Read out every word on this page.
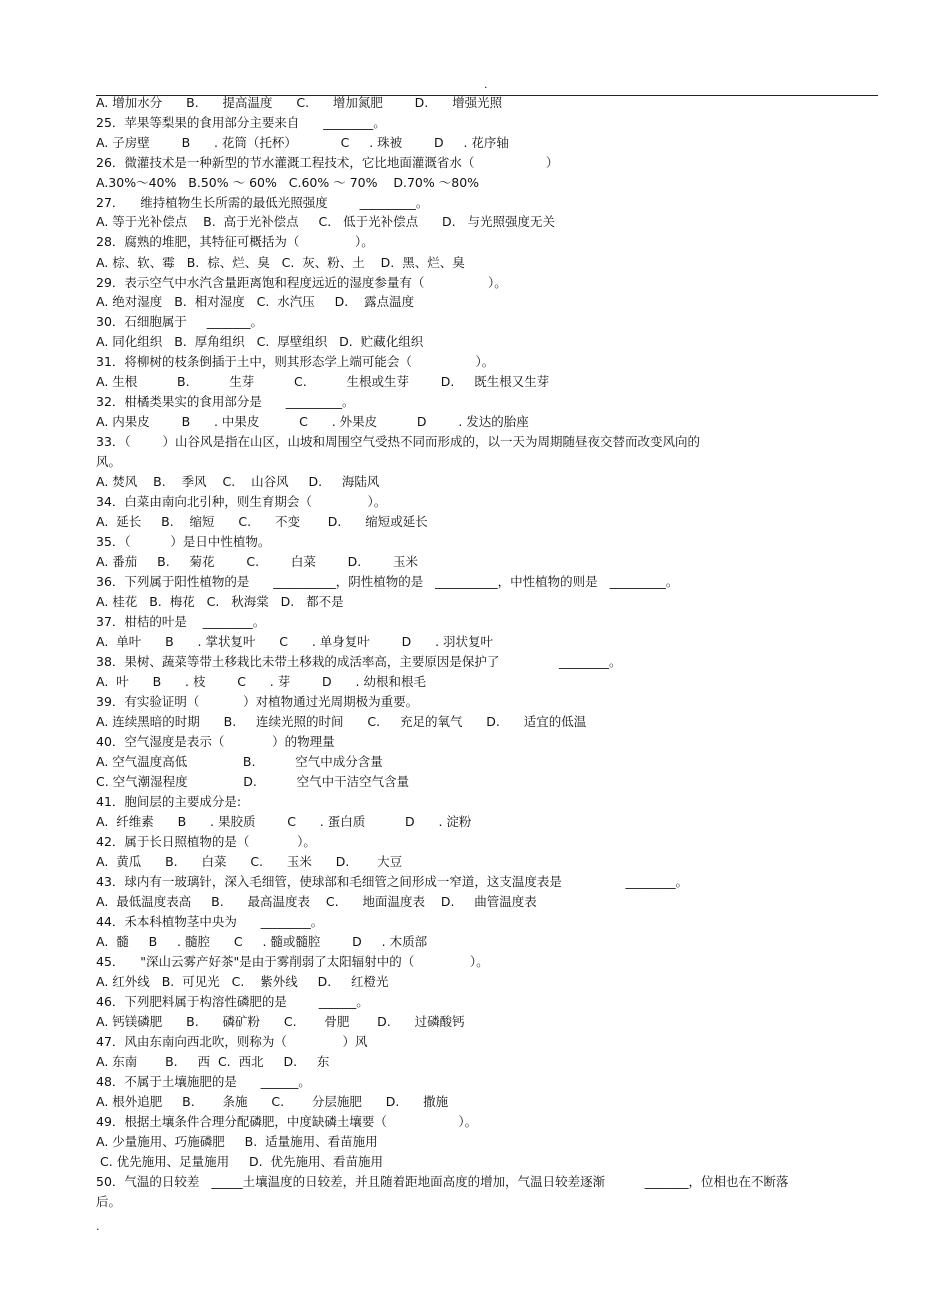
.
A. 增加水分      B.      提高温度      C.      增加氮肥        D.      增强光照
25．苹果等梨果的食用部分主要来自      ________。
A. 子房壁        B      . 花筒（托杯）           C     . 珠被        D     . 花序轴
26．微灌技术是一种新型的节水灌溉工程技术，它比地面灌溉省水（                  ）
A.30%～40%   B.50% ～ 60%   C.60% ～ 70%    D.70% ～80%
27．    维持植物生长所需的最低光照强度        _________。
A. 等于光补偿点    B.  高于光补偿点     C.   低于光补偿点      D.   与光照强度无关
28．腐熟的堆肥，其特征可概括为（              ）。
A. 棕、软、霉   B.  棕、烂、臭   C.  灰、粉、土    D.  黑、烂、臭
29．表示空气中水汽含量距离饱和程度远近的湿度参量有（                ）。
A. 绝对湿度   B.  相对湿度   C.  水汽压     D.    露点温度
30．石细胞属于     _______。
A. 同化组织   B.  厚角组织   C.  厚壁组织   D.  贮藏化组织
31．将柳树的枝条倒插于土中，则其形态学上端可能会（                ）。
A. 生根          B.          生芽          C.          生根或生芽        D.     既生根又生芽
32．柑橘类果实的食用部分是      _________。
A. 内果皮        B      . 中果皮          C      . 外果皮          D        . 发达的胎座
33．（        ）山谷风是指在山区，山坡和周围空气受热不同而形成的，以一天为周期随昼夜交替而改变风向的
风。
A. 焚风    B.    季风    C.    山谷风     D.     海陆风
34．白菜由南向北引种，则生育期会（              ）。
A.  延长     B.    缩短      C.      不变       D.      缩短或延长
35．（          ）是日中性植物。
A. 番茄     B.     菊花        C.        白菜        D.        玉米
36．下列属于阳性植物的是      __________，阴性植物的是   __________，中性植物的则是   _________。
A. 桂花   B.  梅花   C.   秋海棠   D.   都不是
37．柑桔的叶是    ________。
A.  单叶      B      . 掌状复叶      C      . 单身复叶        D      . 羽状复叶
38．果树、蔬菜等带土移栽比未带土移栽的成活率高，主要原因是保护了               ________。
A.  叶      B      . 枝        C      . 芽        D      . 幼根和根毛
39．有实验证明（           ）对植物通过光周期极为重要。
A. 连续黑暗的时期      B.     连续光照的时间      C.     充足的氧气      D.      适宜的低温
40．空气湿度是表示（            ）的物理量
A. 空气温度高低              B.          空气中成分含量
C. 空气潮湿程度              D.          空气中干洁空气含量
41．胞间层的主要成分是:
A.  纤维素      B      . 果胶质        C      . 蛋白质          D      . 淀粉
42．属于长日照植物的是（            ）。
A.  黄瓜      B.      白菜      C.      玉米      D.       大豆
43．球内有一玻璃针，深入毛细管，使球部和毛细管之间形成一窄道，这支温度表是                ________。
A.  最低温度表高     B.      最高温度表    C.      地面温度表    D.     曲管温度表
44．禾本科植物茎中央为      ________。
A.  髓     B     . 髓腔      C     . 髓或髓腔        D     . 木质部
45．    "深山云雾产好茶"是由于雾削弱了太阳辐射中的（              ）。
A. 红外线   B.  可见光   C.    紫外线     D.     红橙光
46．下列肥料属于构溶性磷肥的是        ______。
A. 钙镁磷肥      B.      磷矿粉      C.       骨肥       D.      过磷酸钙
47．风由东南向西北吹，则称为（              ）风
A. 东南       B.     西  C.  西北     D.     东
48．不属于土壤施肥的是      ______。
A. 根外追肥     B.       条施      C.       分层施肥      D.      撒施
49．根据土壤条件合理分配磷肥，中度缺磷土壤要（                  ）。
A. 少量施用、巧施磷肥     B.  适量施用、看苗施用
C. 优先施用、足量施用     D.  优先施用、看苗施用
50．气温的日较差   _____土壤温度的日较差，并且随着距地面高度的增加，气温日较差逐渐          _______，位相也在不断落
后。
.
